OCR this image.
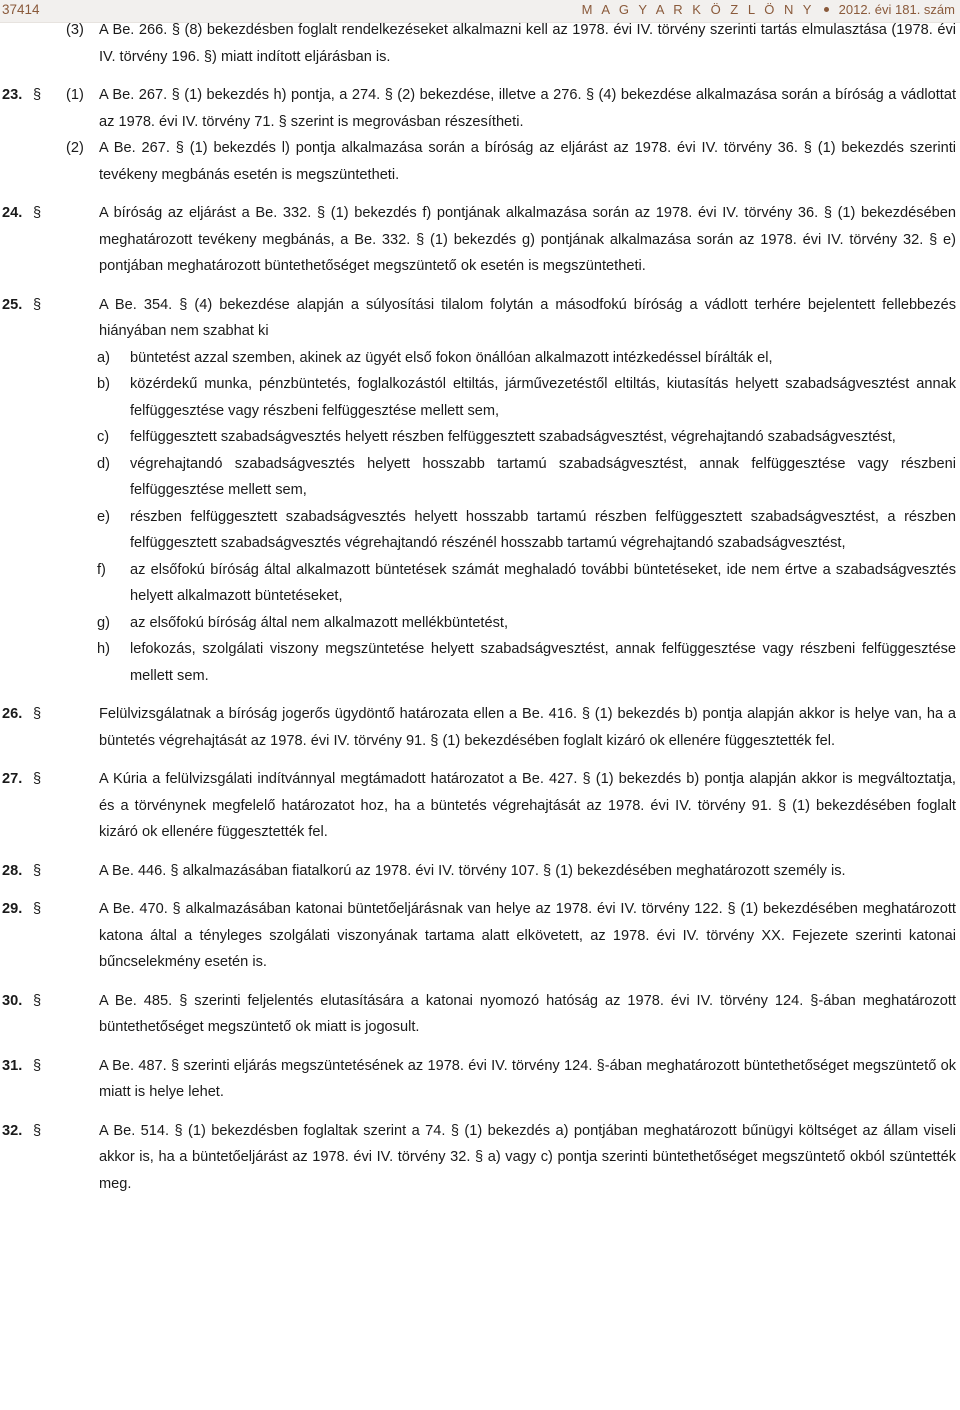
37414	M A G Y A R K Ö Z L Ö N Y 2012. évi 181. szám
(3) A Be. 266. § (8) bekezdésben foglalt rendelkezéseket alkalmazni kell az 1978. évi IV. törvény szerinti tartás elmulasztása (1978. évi IV. törvény 196. §) miatt indított eljárásban is.
23. § (1) A Be. 267. § (1) bekezdés h) pontja, a 274. § (2) bekezdése, illetve a 276. § (4) bekezdése alkalmazása során a bíróság a vádlottat az 1978. évi IV. törvény 71. § szerint is megrovásban részesítheti.
(2) A Be. 267. § (1) bekezdés l) pontja alkalmazása során a bíróság az eljárást az 1978. évi IV. törvény 36. § (1) bekezdés szerinti tevékeny megbánás esetén is megszüntetheti.
24. §	A bíróság az eljárást a Be. 332. § (1) bekezdés f) pontjának alkalmazása során az 1978. évi IV. törvény 36. § (1) bekezdésében meghatározott tevékeny megbánás, a Be. 332. § (1) bekezdés g) pontjának alkalmazása során az 1978. évi IV. törvény 32. § e) pontjában meghatározott büntethetőséget megszüntető ok esetén is megszüntetheti.
25. §	A Be. 354. § (4) bekezdése alapján a súlyosítási tilalom folytán a másodfokú bíróság a vádlott terhére bejelentett fellebbezés hiányában nem szabhat ki
a) büntetést azzal szemben, akinek az ügyét első fokon önállóan alkalmazott intézkedéssel bírálták el,
b) közérdekű munka, pénzbüntetés, foglalkozástól eltiltás, járművezetéstől eltiltás, kiutasítás helyett szabadságvesztést annak felfüggesztése vagy részbeni felfüggesztése mellett sem,
c) felfüggesztett szabadságvesztés helyett részben felfüggesztett szabadságvesztést, végrehajtandó szabadságvesztést,
d) végrehajtandó szabadságvesztés helyett hosszabb tartamú szabadságvesztést, annak felfüggesztése vagy részbeni felfüggesztése mellett sem,
e) részben felfüggesztett szabadságvesztés helyett hosszabb tartamú részben felfüggesztett szabadságvesztést, a részben felfüggesztett szabadságvesztés végrehajtandó részénél hosszabb tartamú végrehajtandó szabadságvesztést,
f) az elsőfokú bíróság által alkalmazott büntetések számát meghaladó további büntetéseket, ide nem értve a szabadságvesztés helyett alkalmazott büntetéseket,
g) az elsőfokú bíróság által nem alkalmazott mellékbüntetést,
h) lefokozás, szolgálati viszony megszüntetése helyett szabadságvesztést, annak felfüggesztése vagy részbeni felfüggesztése mellett sem.
26. §	Felülvizsgálatnak a bíróság jogerős ügydöntő határozata ellen a Be. 416. § (1) bekezdés b) pontja alapján akkor is helye van, ha a büntetés végrehajtását az 1978. évi IV. törvény 91. § (1) bekezdésében foglalt kizáró ok ellenére függesztették fel.
27. §	A Kúria a felülvizsgálati indítvánnyal megtámadott határozatot a Be. 427. § (1) bekezdés b) pontja alapján akkor is megváltoztatja, és a törvénynek megfelelő határozatot hoz, ha a büntetés végrehajtását az 1978. évi IV. törvény 91. § (1) bekezdésében foglalt kizáró ok ellenére függesztették fel.
28. §	A Be. 446. § alkalmazásában fiatalkorú az 1978. évi IV. törvény 107. § (1) bekezdésében meghatározott személy is.
29. §	A Be. 470. § alkalmazásában katonai büntetőeljárásnak van helye az 1978. évi IV. törvény 122. § (1) bekezdésében meghatározott katona által a tényleges szolgálati viszonyának tartama alatt elkövetett, az 1978. évi IV. törvény XX. Fejezete szerinti katonai bűncselekmény esetén is.
30. §	A Be. 485. § szerinti feljelentés elutasítására a katonai nyomozó hatóság az 1978. évi IV. törvény 124. §-ában meghatározott büntethetőséget megszüntető ok miatt is jogosult.
31. §	A Be. 487. § szerinti eljárás megszüntetésének az 1978. évi IV. törvény 124. §-ában meghatározott büntethetőséget megszüntető ok miatt is helye lehet.
32. §	A Be. 514. § (1) bekezdésben foglaltak szerint a 74. § (1) bekezdés a) pontjában meghatározott bűnügyi költséget az állam viseli akkor is, ha a büntetőeljárást az 1978. évi IV. törvény 32. § a) vagy c) pontja szerinti büntethetőséget megszüntető okból szüntették meg.
